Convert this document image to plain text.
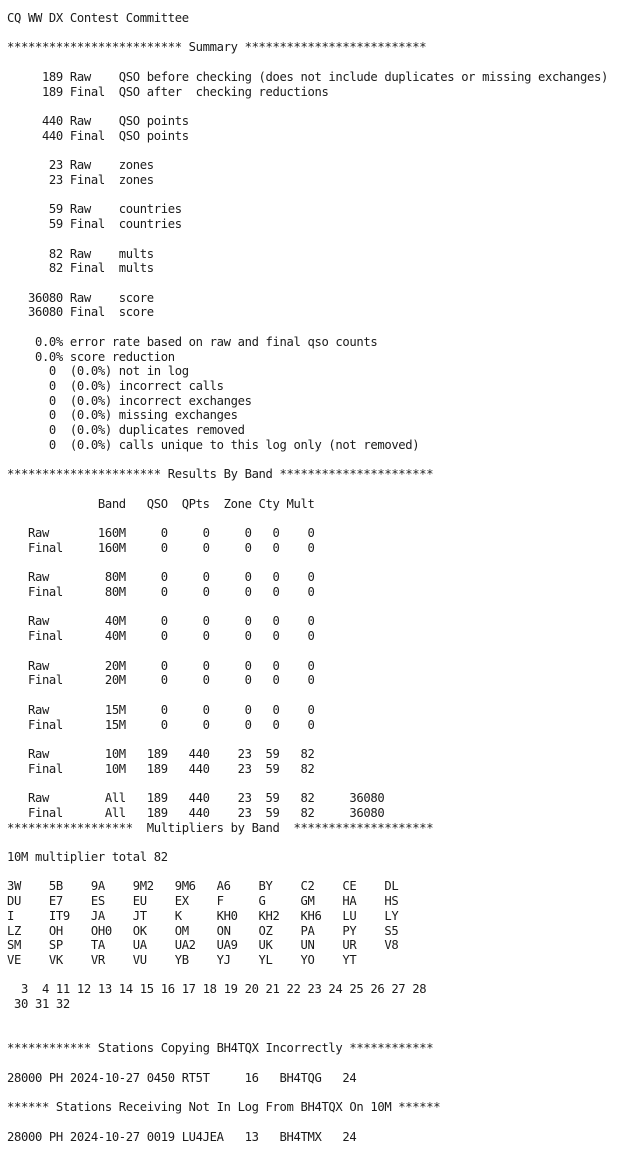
CQ WW DX Contest Committee
************************* Summary **************************
189 Raw    QSO before checking (does not include duplicates or missing exchanges)
189 Final  QSO after  checking reductions
440 Raw    QSO points
440 Final  QSO points
23 Raw    zones
23 Final  zones
59 Raw    countries
59 Final  countries
82 Raw    mults
82 Final  mults
36080 Raw    score
36080 Final  score
0.0% error rate based on raw and final qso counts
0.0% score reduction
0  (0.0%) not in log
0  (0.0%) incorrect calls
0  (0.0%) incorrect exchanges
0  (0.0%) missing exchanges
0  (0.0%) duplicates removed
0  (0.0%) calls unique to this log only (not removed)
********************** Results By Band **********************
Band   QSO  QPts  Zone Cty Mult
Raw       160M     0     0     0   0    0
Final     160M     0     0     0   0    0
Raw        80M     0     0     0   0    0
Final      80M     0     0     0   0    0
Raw        40M     0     0     0   0    0
Final      40M     0     0     0   0    0
Raw        20M     0     0     0   0    0
Final      20M     0     0     0   0    0
Raw        15M     0     0     0   0    0
Final      15M     0     0     0   0    0
Raw        10M   189   440    23  59   82
Final      10M   189   440    23  59   82
Raw        All   189   440    23  59   82     36080
Final      All   189   440    23  59   82     36080
******************  Multipliers by Band  ********************
10M multiplier total 82
3W    5B    9A    9M2   9M6   A6    BY    C2    CE    DL
DU    E7    ES    EU    EX    F     G     GM    HA    HS
I     IT9   JA    JT    K     KH0   KH2   KH6   LU    LY
LZ    OH    OH0   OK    OM    ON    OZ    PA    PY    S5
SM    SP    TA    UA    UA2   UA9   UK    UN    UR    V8
VE    VK    VR    VU    YB    YJ    YL    YO    YT
3  4 11 12 13 14 15 16 17 18 19 20 21 22 23 24 25 26 27 28
30 31 32
************ Stations Copying BH4TQX Incorrectly ************
28000 PH 2024-10-27 0450 RT5T     16   BH4TQG   24
****** Stations Receiving Not In Log From BH4TQX On 10M ******
28000 PH 2024-10-27 0019 LU4JEA   13   BH4TMX   24
